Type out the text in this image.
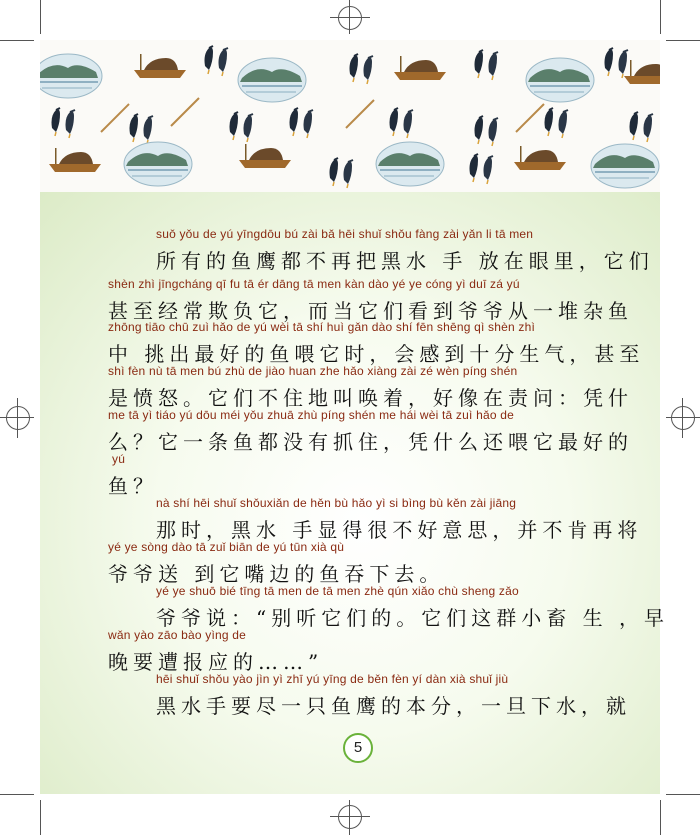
suǒ yǒu de yú yīngdōu bú zài bǎ hēi shuǐ shǒu fàng zài yǎn li tā men
所有的鱼鹰都不再把黑水 手 放在眼里，它们
shèn zhì jīngcháng qī fu tā ér dāng tā men kàn dào yé ye cóng yì duī zá yú
甚至经常欺负它，而当它们看到爷爷从一堆杂鱼
zhōng tiāo chū zuì hǎo de yú wèi tā shí huì gǎn dào shí fēn shēng qì shèn zhì
中 挑出最好的鱼喂它时，会感到十分生气，甚至
shì fèn nù tā men bú zhù de jiào huan zhe hǎo xiàng zài zé wèn píng shén
是愤怒。它们不住地叫唤着，好像在责问：凭什
me tā yì tiáo yú dōu méi yǒu zhuā zhù píng shén me hái wèi tā zuì hǎo de
么？它一条鱼都没有抓住，凭什么还喂它最好的
yú
鱼？
nà shí hēi shuǐ shǒuxiǎn de hěn bù hǎo yì si bìng bù kěn zài jiāng
那时，黑水 手显得很不好意思，并不肯再将
yé ye sòng dào tā zuǐ biān de yú tūn xià qù
爷爷送 到它嘴边的鱼吞下去。
yé ye shuō bié tīng tā men de tā men zhè qún xiǎo chù sheng zǎo
爷爷说：“别听它们的。它们这群小畜 生 ，早
wǎn yào zāo bào yìng de
晚要遭报应的……”
hēi shuǐ shǒu yào jìn yì zhī yú yīng de běn fèn yí dàn xià shuǐ jiù
黑水手要尽一只鱼鹰的本分，一旦下水，就
5
